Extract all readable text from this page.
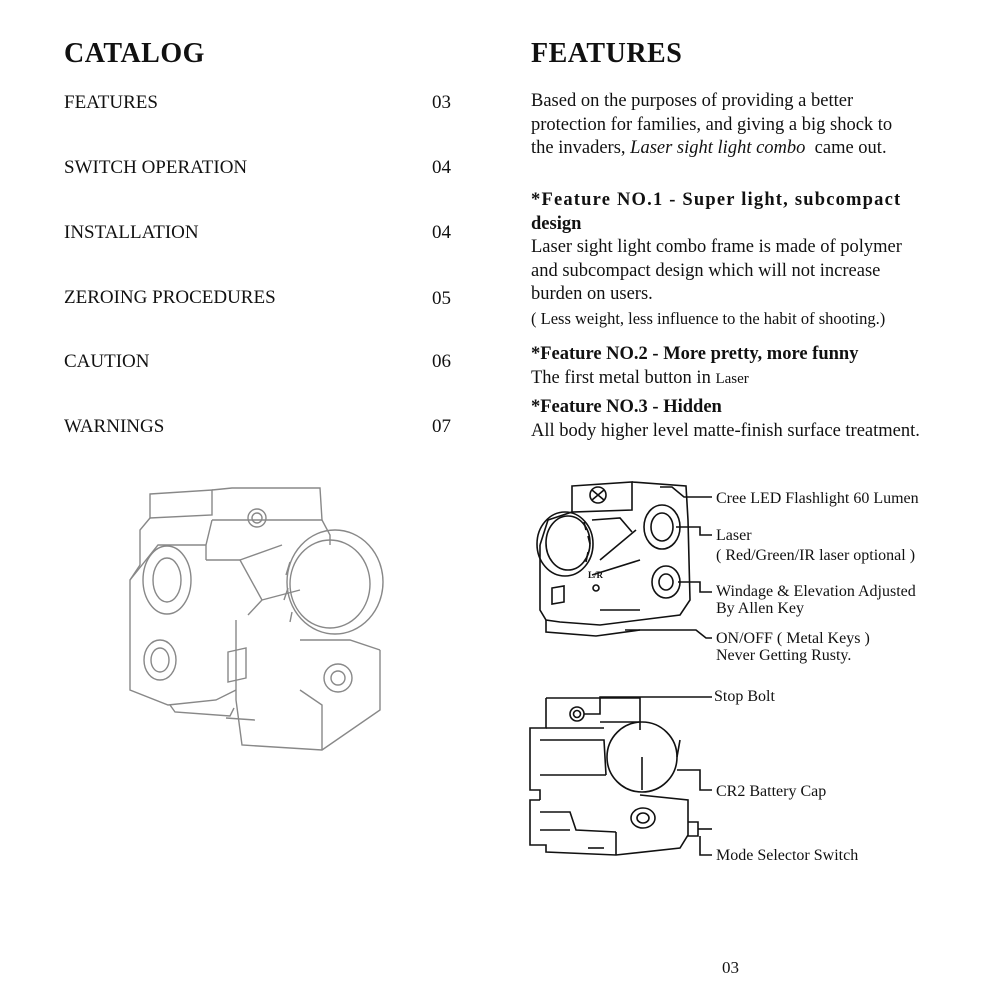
CATALOG
FEATURES	03
SWITCH OPERATION	04
INSTALLATION	04
ZEROING PROCEDURES	05
CAUTION	06
WARNINGS	07
FEATURES
Based on the purposes of providing a better
protection for families, and giving a big shock to
the invaders, Laser sight light combo came out.
*Feature NO.1 - Super light, subcompact
design
Laser sight light combo frame is made of polymer
and subcompact design which will not increase
burden on users.
( Less weight, less influence to the habit of shooting.)
*Feature NO.2 - More pretty, more funny
The first metal button in Laser
*Feature NO.3 - Hidden
All body higher level matte-finish surface treatment.
L/R
Cree LED Flashlight 60 Lumen
Laser
( Red/Green/IR laser optional )
Windage & Elevation Adjusted
By Allen Key
ON/OFF ( Metal Keys )
Never Getting Rusty.
Stop Bolt
CR2 Battery Cap
Mode Selector Switch
03
